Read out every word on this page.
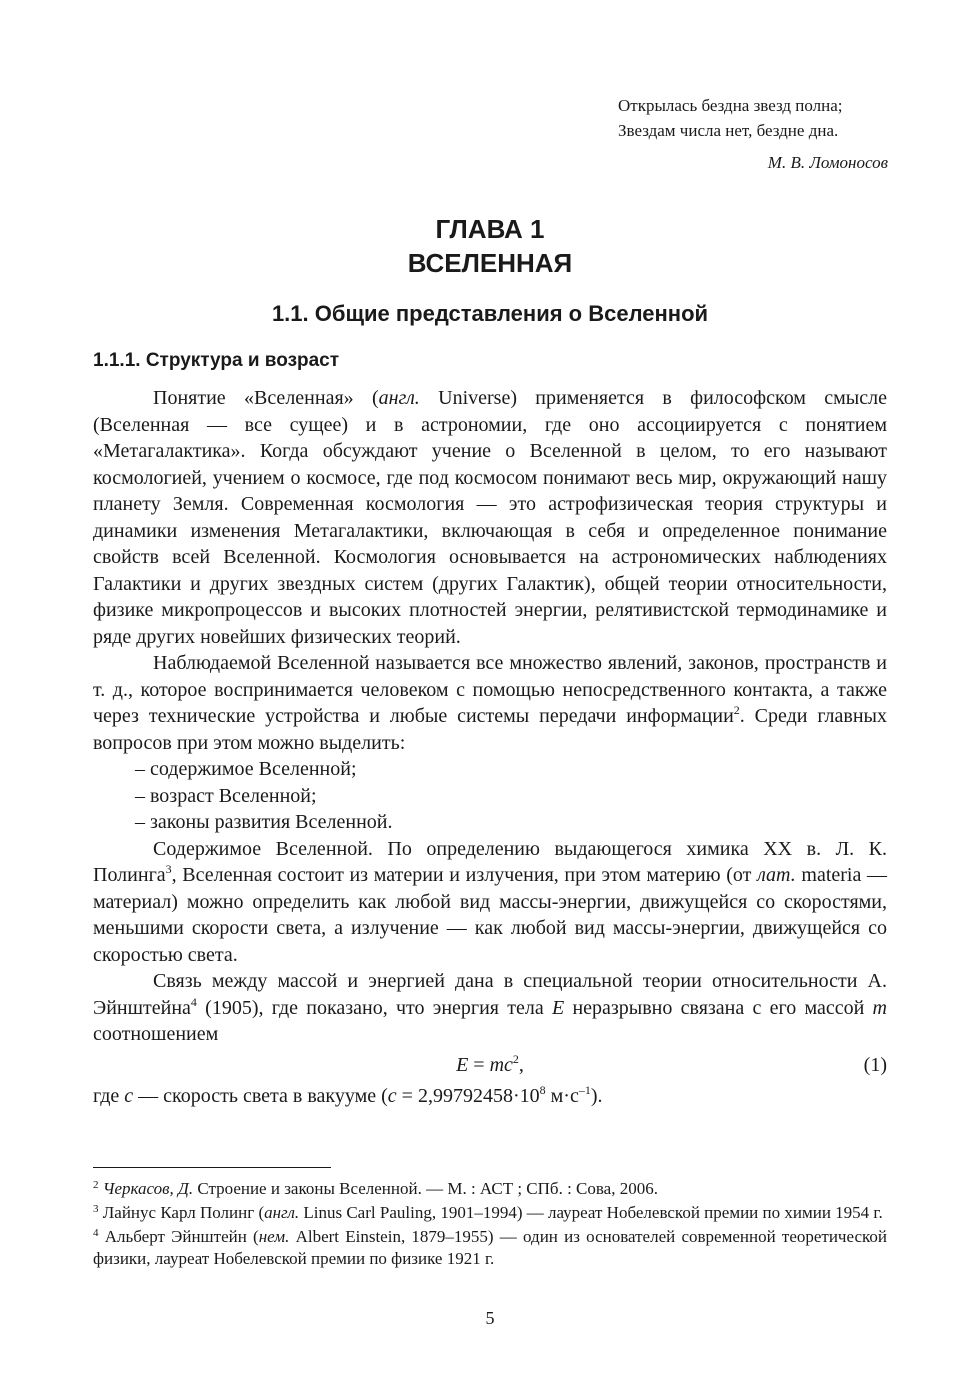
Открылась бездна звезд полна;
Звездам числа нет, бездне дна.
М. В. Ломоносов
ГЛАВА 1
ВСЕЛЕННАЯ
1.1. Общие представления о Вселенной
1.1.1. Структура и возраст

Понятие «Вселенная» (англ. Universe) применяется в философском смысле (Вселенная — все сущее) и в астрономии, где оно ассоциируется с понятием «Метагалактика». Когда обсуждают учение о Вселенной в целом, то его называют космологией, учением о космосе, где под космосом понимают весь мир, окружающий нашу планету Земля. Современная космология — это астрофизическая теория структуры и динамики изменения Метагалактики, включающая в себя и определенное понимание свойств всей Вселенной. Космология основывается на астрономических наблюдениях Галактики и других звездных систем (других Галактик), общей теории относительности, физике микропроцессов и высоких плотностей энергии, релятивистской термодинамике и ряде других новейших физических теорий.

Наблюдаемой Вселенной называется все множество явлений, законов, пространств и т. д., которое воспринимается человеком с помощью непосредственного контакта, а также через технические устройства и любые системы передачи информации$^2$. Среди главных вопросов при этом можно выделить:

– содержимое Вселенной;

– возраст Вселенной;

– законы развития Вселенной.

Содержимое Вселенной. По определению выдающегося химика XX в. Л. К. Полинга$^3$, Вселенная состоит из материи и излучения, при этом материю (от лат. materia — материал) можно определить как любой вид массы-энергии, движущейся со скоростями, меньшими скорости света, а излучение — как любой вид массы-энергии, движущейся со скоростью света.

Связь между массой и энергией дана в специальной теории относительности А. Эйнштейна$^4$ (1905), где показано, что энергия тела E неразрывно связана с его массой m соотношением

$E = mc^2$,	(1)

где c — скорость света в вакууме ($c = 2,99792458\cdot 10^8$ $м\cdot с^{-1}$).

$^2$ Черкасов, Д. Строение и законы Вселенной. — М. : АСТ ; СПб. : Сова, 2006.

$^3$ Лайнус Карл Полинг (англ. Linus Carl Pauling, 1901–1994) — лауреат Нобелевской премии по химии 1954 г.

$^4$ Альберт Эйнштейн (нем. Albert Einstein, 1879–1955) — один из основателей современной теоретической физики, лауреат Нобелевской премии по физике 1921 г.

5
